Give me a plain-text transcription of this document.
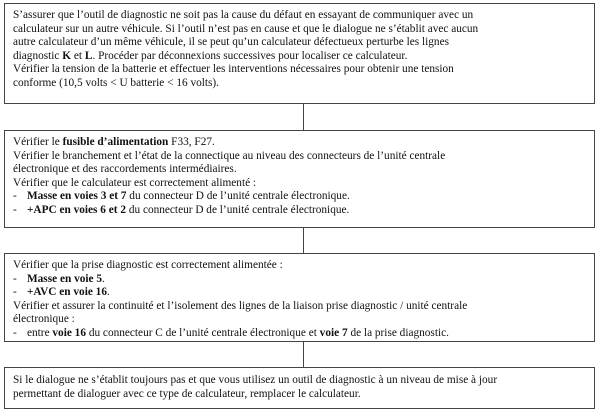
S’assurer que l’outil de diagnostic ne soit pas la cause du défaut en essayant de communiquer avec un
calculateur sur un autre véhicule. Si l’outil n’est pas en cause et que le dialogue ne s’établit avec aucun
autre calculateur d’un même véhicule, il se peut qu’un calculateur défectueux perturbe les lignes
diagnostic K et L. Procéder par déconnexions successives pour localiser ce calculateur.
Vérifier la tension de la batterie et effectuer les interventions nécessaires pour obtenir une tension
conforme (10,5 volts < U batterie < 16 volts).
Vérifier le fusible d’alimentation F33, F27.
Vérifier le branchement et l’état de la connectique au niveau des connecteurs de l’unité centrale
électronique et des raccordements intermédiaires.
Vérifier que le calculateur est correctement alimenté :
- Masse en voies 3 et 7 du connecteur D de l’unité centrale électronique.
- +APC en voies 6 et 2 du connecteur D de l’unité centrale électronique.
Vérifier que la prise diagnostic est correctement alimentée :
- Masse en voie 5.
- +AVC en voie 16.
Vérifier et assurer la continuité et l’isolement des lignes de la liaison prise diagnostic / unité centrale
électronique :
- entre voie 16 du connecteur C de l’unité centrale électronique et voie 7 de la prise diagnostic.
Si le dialogue ne s’établit toujours pas et que vous utilisez un outil de diagnostic à un niveau de mise à jour
permettant de dialoguer avec ce type de calculateur, remplacer le calculateur.
